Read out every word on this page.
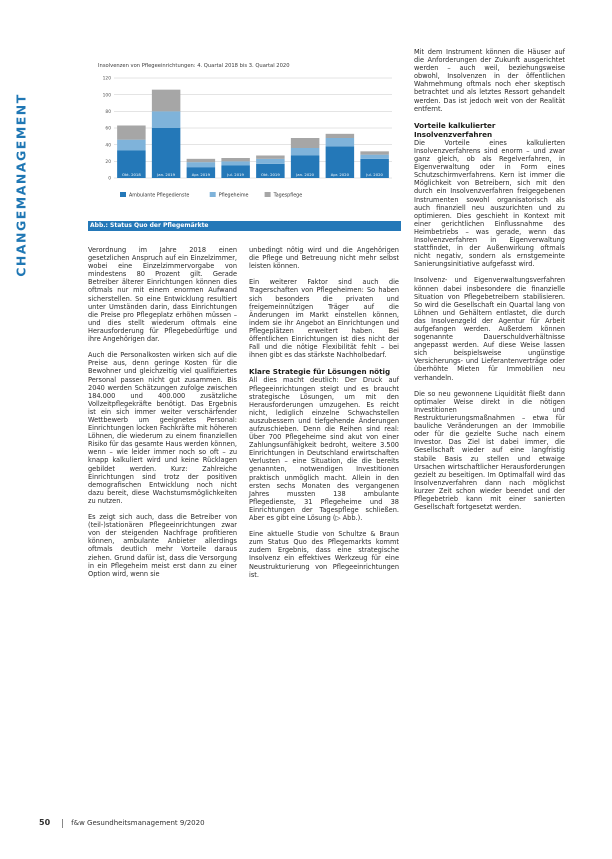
CHANGEMANAGEMENT
Insolvenzen von Pflegeeinrichtungen: 4. Quartal 2018 bis 3. Quartal 2020
0
20
40
60
80
100
120
Okt. 2018	Jan. 2019	Apr. 2019	Jul. 2019	Okt. 2019	Jan. 2020	Apr. 2020	Jul. 2020
Ambulante Pflegedienste	Pflegeheime	Tagespflege
Abb.: Status Quo der Pflegemärkte

Verordnung im Jahre 2018 einen gesetzlichen Anspruch auf ein Einzelzimmer, wobei eine Einzelzimmervorgabe von mindestens 80 Prozent gilt. Gerade Betreiber älterer Einrichtungen können dies oftmals nur mit einem enormen Aufwand sicherstellen. So eine Entwicklung resultiert unter Umständen darin, dass Einrichtungen die Preise pro Pflegeplatz erhöhen müssen – und dies stellt wiederum oftmals eine Herausforderung für Pflegebedürftige und ihre Angehörigen dar.

Auch die Personalkosten wirken sich auf die Preise aus, denn geringe Kosten für die Bewohner und gleichzeitig viel qualifiziertes Personal passen nicht gut zusammen. Bis 2040 werden Schätzungen zufolge zwischen 184.000 und 400.000 zusätzliche Vollzeitpflegekräfte benötigt. Das Ergebnis ist ein sich immer weiter verschärfender Wettbewerb um geeignetes Personal: Einrichtungen locken Fachkräfte mit höheren Löhnen, die wiederum zu einem finanziellen Risiko für das gesamte Haus werden können, wenn – wie leider immer noch so oft – zu knapp kalkuliert wird und keine Rücklagen gebildet werden. Kurz: Zahlreiche Einrichtungen sind trotz der positiven demografischen Entwicklung noch nicht dazu bereit, diese Wachstumsmöglichkeiten zu nutzen.

Es zeigt sich auch, dass die Betreiber von (teil-)stationären Pflegeeinrichtungen zwar von der steigenden Nachfrage profitieren können, ambulante Anbieter allerdings oftmals deutlich mehr Vorteile daraus ziehen. Grund dafür ist, dass die Versorgung in ein Pflegeheim meist erst dann zu einer Option wird, wenn sie

unbedingt nötig wird und die Angehörigen die Pflege und Betreuung nicht mehr selbst leisten können.

Ein weiterer Faktor sind auch die Tragerschaften von Pflegeheimen: So haben sich besonders die privaten und freigemeinnützigen Träger auf die Änderungen im Markt einstellen können, indem sie ihr Angebot an Einrichtungen und Pflegeplätzen erweitert haben. Bei öffentlichen Einrichtungen ist dies nicht der Fall und die nötige Flexibilität fehlt – bei ihnen gibt es das stärkste Nachholbedarf.

Klare Strategie für Lösungen nötig

All dies macht deutlich: Der Druck auf Pflegeeinrichtungen steigt und es braucht strategische Lösungen, um mit den Herausforderungen umzugehen. Es reicht nicht, lediglich einzelne Schwachstellen auszubessern und tiefgehende Änderungen aufzuschieben. Denn die Reihen sind real: Über 700 Pflegeheime sind akut von einer Zahlungsunfähigkeit bedroht, weitere 3.500 Einrichtungen in Deutschland erwirtschaften Verlusten – eine Situation, die die bereits genannten, notwendigen Investitionen praktisch unmöglich macht. Allein in den ersten sechs Monaten des vergangenen Jahres mussten 138 ambulante Pflegedienste, 31 Pflegeheime und 38 Einrichtungen der Tagespflege schließen. Aber es gibt eine Lösung (▷ Abb.).

Eine aktuelle Studie von Schultze & Braun zum Status Quo des Pflegemarkts kommt zudem Ergebnis, dass eine strategische Insolvenz ein effektives Werkzeug für eine Neustrukturierung von Pflegeeinrichtungen ist.

Mit dem Instrument können die Häuser auf die Anforderungen der Zukunft ausgerichtet werden – auch weil, beziehungsweise obwohl, Insolvenzen in der öffentlichen Wahrnehmung oftmals noch eher skeptisch betrachtet und als letztes Ressort gehandelt werden. Das ist jedoch weit von der Realität entfernt.

Vorteile kalkulierter Insolvenzverfahren

Die Vorteile eines kalkulierten Insolvenzverfahrens sind enorm – und zwar ganz gleich, ob als Regelverfahren, in Eigenverwaltung oder in Form eines Schutzschirmverfahrens. Kern ist immer die Möglichkeit von Betreibern, sich mit den durch ein Insolvenzverfahren freigegebenen Instrumenten sowohl organisatorisch als auch finanziell neu auszurichten und zu optimieren. Dies geschieht in Kontext mit einer gerichtlichen Einflussnahme des Heimbetriebs – was gerade, wenn das Insolvenzverfahren in Eigenverwaltung stattfindet, in der Außenwirkung oftmals nicht negativ, sondern als ernstgemeinte Sanierungsinitiative aufgefasst wird.

Insolvenz- und Eigenverwaltungsverfahren können dabei insbesondere die finanzielle Situation von Pflegebetreibern stabilisieren. So wird die Gesellschaft ein Quartal lang von Löhnen und Gehältern entlastet, die durch das Insolvenzgeld der Agentur für Arbeit aufgefangen werden. Außerdem können sogenannte Dauerschuldverhältnisse angepasst werden. Auf diese Weise lassen sich beispielsweise ungünstige Versicherungs- und Lieferantenverträge oder überhöhte Mieten für Immobilien neu verhandeln.

Die so neu gewonnene Liquidität fließt dann optimaler Weise direkt in die nötigen Investitionen und Restrukturierungsmaßnahmen – etwa für bauliche Veränderungen an der Immobilie oder für die gezielte Suche nach einem Investor. Das Ziel ist dabei immer, die Gesellschaft wieder auf eine langfristig stabile Basis zu stellen und etwaige Ursachen wirtschaftlicher Herausforderungen gezielt zu beseitigen. Im Optimalfall wird das Insolvenzverfahren dann nach möglichst kurzer Zeit schon wieder beendet und der Pflegebetrieb kann mit einer sanierten Gesellschaft fortgesetzt werden.

50	f&w Gesundheitsmanagement 9/2020
